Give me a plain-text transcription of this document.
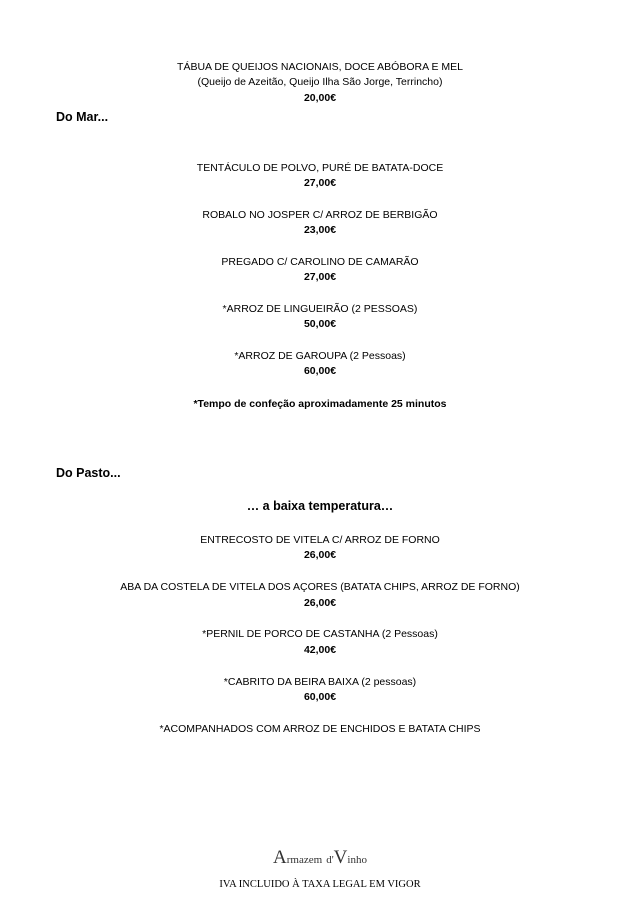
TÁBUA DE QUEIJOS NACIONAIS, DOCE ABÓBORA E MEL
(Queijo de Azeitão, Queijo Ilha São Jorge, Terrincho)
20,00€
Do Mar...
TENTÁCULO DE POLVO, PURÉ DE BATATA-DOCE
27,00€
ROBALO NO JOSPER C/ ARROZ DE BERBIGÃO
23,00€
PREGADO C/ CAROLINO DE CAMARÃO
27,00€
*ARROZ DE LINGUEIRÃO (2 PESSOAS)
50,00€
*ARROZ DE GAROUPA (2 Pessoas)
60,00€
*Tempo de confeção aproximadamente 25 minutos
Do Pasto...
… a baixa temperatura…
ENTRECOSTO DE VITELA C/ ARROZ DE FORNO
26,00€
ABA DA COSTELA DE VITELA DOS AÇORES (BATATA CHIPS, ARROZ DE FORNO)
26,00€
*PERNIL DE PORCO DE CASTANHA (2 Pessoas)
42,00€
*CABRITO DA BEIRA BAIXA (2 pessoas)
60,00€
*ACOMPANHADOS COM ARROZ DE ENCHIDOS E BATATA CHIPS
Armazem d'Vinho
IVA INCLUIDO À TAXA LEGAL EM VIGOR
